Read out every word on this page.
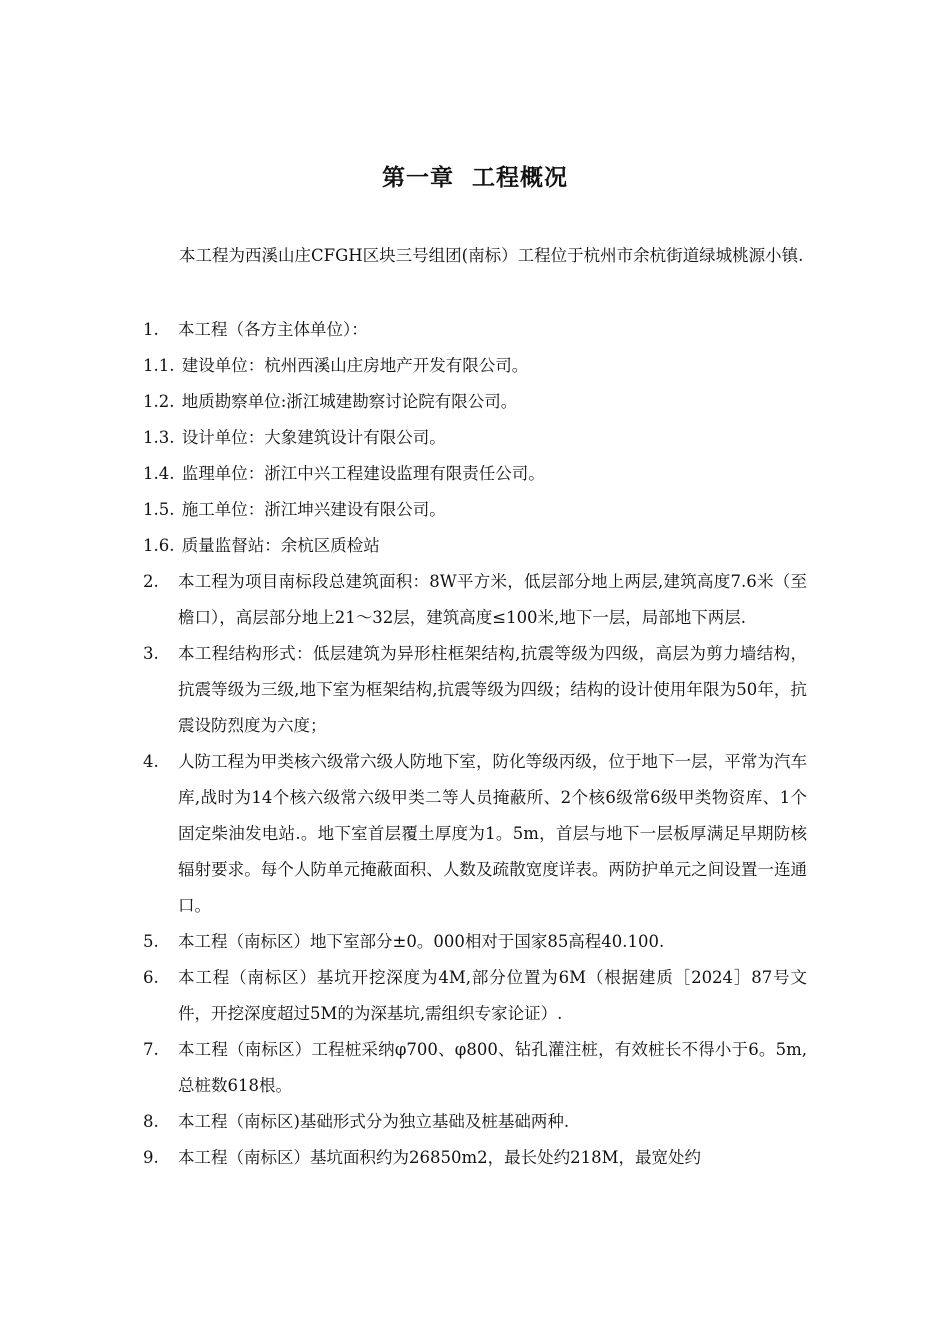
第一章  工程概况
本工程为西溪山庄CFGH区块三号组团(南标）工程位于杭州市余杭街道绿城桃源小镇.
1.	本工程（各方主体单位）：
1.1. 建设单位：杭州西溪山庄房地产开发有限公司。
1.2. 地质勘察单位:浙江城建勘察讨论院有限公司。
1.3. 设计单位：大象建筑设计有限公司。
1.4. 监理单位：浙江中兴工程建设监理有限责任公司。
1.5. 施工单位：浙江坤兴建设有限公司。
1.6. 质量监督站：余杭区质检站
2.	本工程为项目南标段总建筑面积：8W平方米，低层部分地上两层,建筑高度7.6米（至檐口），高层部分地上21～32层，建筑高度≤100米,地下一层，局部地下两层.
3.	本工程结构形式：低层建筑为异形柱框架结构,抗震等级为四级，高层为剪力墙结构，抗震等级为三级,地下室为框架结构,抗震等级为四级；结构的设计使用年限为50年，抗震设防烈度为六度；
4.	人防工程为甲类核六级常六级人防地下室，防化等级丙级，位于地下一层，平常为汽车库,战时为14个核六级常六级甲类二等人员掩蔽所、2个核6级常6级甲类物资库、1个固定柴油发电站.。地下室首层覆土厚度为1。5m，首层与地下一层板厚满足早期防核辐射要求。每个人防单元掩蔽面积、人数及疏散宽度详表。两防护单元之间设置一连通口。
5.	本工程（南标区）地下室部分±0。000相对于国家85高程40.100.
6.	本工程（南标区）基坑开挖深度为4M,部分位置为6M（根据建质［2024］87号文件，开挖深度超过5M的为深基坑,需组织专家论证）.
7.	本工程（南标区）工程桩采纳φ700、φ800、钻孔灌注桩，有效桩长不得小于6。5m,总桩数618根。
8.	本工程（南标区)基础形式分为独立基础及桩基础两种.
9.	本工程（南标区）基坑面积约为26850m2，最长处约218M，最宽处约
